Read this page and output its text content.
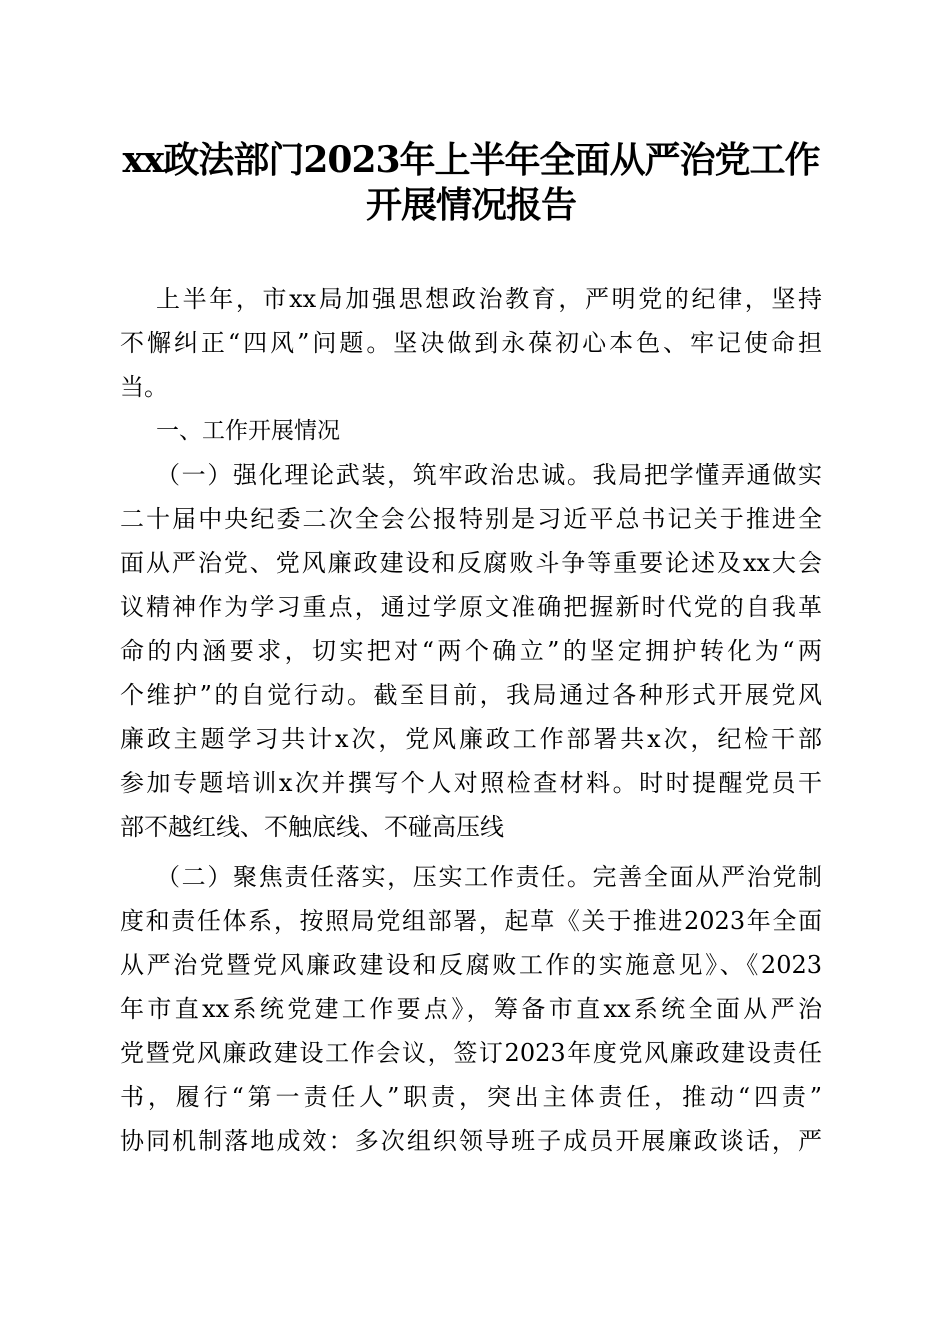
xx政法部门2023年上半年全面从严治党工作
开展情况报告
上半年，市xx局加强思想政治教育，严明党的纪律，坚持
不懈纠正“四风”问题。坚决做到永葆初心本色、牢记使命担
当。
一、工作开展情况
（一）强化理论武装，筑牢政治忠诚。我局把学懂弄通做实
二十届中央纪委二次全会公报特别是习近平总书记关于推进全
面从严治党、党风廉政建设和反腐败斗争等重要论述及xx大会
议精神作为学习重点，通过学原文准确把握新时代党的自我革
命的内涵要求，切实把对“两个确立”的坚定拥护转化为“两
个维护”的自觉行动。截至目前，我局通过各种形式开展党风
廉政主题学习共计x次，党风廉政工作部署共x次，纪检干部
参加专题培训x次并撰写个人对照检查材料。时时提醒党员干
部不越红线、不触底线、不碰高压线
（二）聚焦责任落实，压实工作责任。完善全面从严治党制
度和责任体系，按照局党组部署，起草《关于推进2023年全面
从严治党暨党风廉政建设和反腐败工作的实施意见》、《2023
年市直xx系统党建工作要点》，筹备市直xx系统全面从严治
党暨党风廉政建设工作会议，签订2023年度党风廉政建设责任
书，履行“第一责任人”职责，突出主体责任，推动“四责”
协同机制落地成效：多次组织领导班子成员开展廉政谈话，严
